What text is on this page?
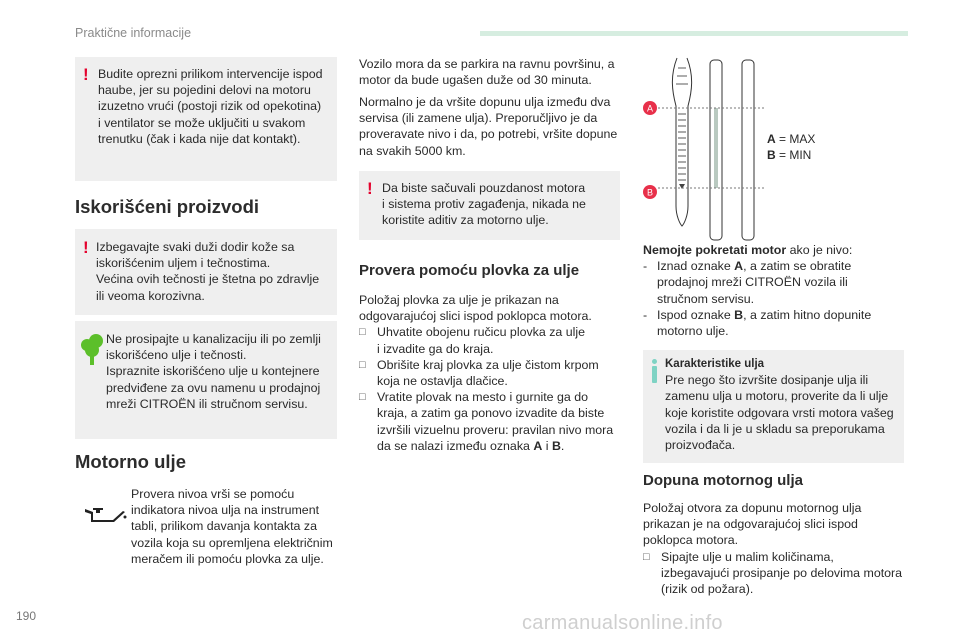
Praktične informacije
! Budite oprezni prilikom intervencije ispod
haube, jer su pojedini delovi na motoru
izuzetno vrući (postoji rizik od opekotina)
i ventilator se može uključiti u svakom
trenutku (čak i kada nije dat kontakt).
Iskorišćeni proizvodi
! Izbegavajte svaki duži dodir kože sa
iskorišćenim uljem i tečnostima.
Većina ovih tečnosti je štetna po zdravlje
ili veoma korozivna.
Ne prosipajte u kanalizaciju ili po zemlji
iskorišćeno ulje i tečnosti.
Ispraznite iskorišćeno ulje u kontejnere
predviđene za ovu namenu u prodajnoj
mreži CITROËN ili stručnom servisu.
Motorno ulje
Provera nivoa vrši se pomoću
indikatora nivoa ulja na instrument
tabli, prilikom davanja kontakta za
vozila koja su opremljena električnim
meračem ili pomoću plovka za ulje.
Vozilo mora da se parkira na ravnu površinu, a
motor da bude ugašen duže od 30 minuta.
Normalno je da vršite dopunu ulja između dva
servisa (ili zamene ulja). Preporučljivo je da
proveravate nivo i da, po potrebi, vršite dopune
na svakih 5000 km.
! Da biste sačuvali pouzdanost motora
i sistema protiv zagađenja, nikada ne
koristite aditiv za motorno ulje.
Provera pomoću plovka za ulje
Položaj plovka za ulje je prikazan na
odgovarajućoj slici ispod poklopca motora.
□ Uhvatite obojenu ručicu plovka za ulje
i izvadite ga do kraja.
□ Obrišite kraj plovka za ulje čistom krpom
koja ne ostavlja dlačice.
□ Vratite plovak na mesto i gurnite ga do
kraja, a zatim ga ponovo izvadite da biste
izvršili vizuelnu proveru: pravilan nivo mora
da se nalazi između oznaka A i B.
A
B
A = MAX
B = MIN
Nemojte pokretati motor ako je nivo:
- Iznad oznake A, a zatim se obratite
prodajnoj mreži CITROËN vozila ili
stručnom servisu.
- Ispod oznake B, a zatim hitno dopunite
motorno ulje.
Karakteristike ulja
Pre nego što izvršite dosipanje ulja ili
zamenu ulja u motoru, proverite da li ulje
koje koristite odgovara vrsti motora vašeg
vozila i da li je u skladu sa preporukama
proizvođača.
Dopuna motornog ulja
Položaj otvora za dopunu motornog ulja
prikazan je na odgovarajućoj slici ispod
poklopca motora.
□ Sipajte ulje u malim količinama,
izbegavajući prosipanje po delovima motora
(rizik od požara).
190	carmanualsonline.info
